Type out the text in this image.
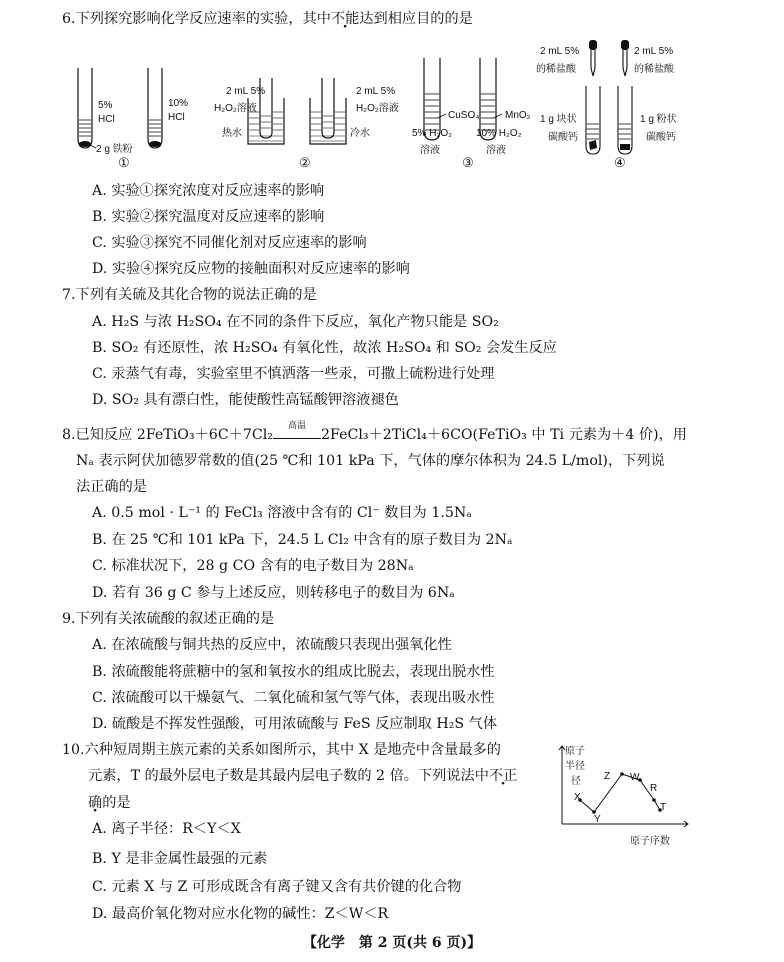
6.下列探究影响化学反应速率的实验，其中不能达到相应目的的是
5%
HCl
10%
HCl
2 g 铁粉
①
2 mL 5%
H₂O₂溶液
2 mL 5%
H₂O₂溶液
热水	冷水
②
CuSO₄	MnO₂
5% H₂O₂
溶液
10% H₂O₂
溶液
③
2 mL 5%
的稀盐酸
2 mL 5%
的稀盐酸
1 g 块状
碳酸钙
1 g 粉状
碳酸钙
④
A. 实验①探究浓度对反应速率的影响
B. 实验②探究温度对反应速率的影响
C. 实验③探究不同催化剂对反应速率的影响
D. 实验④探究反应物的接触面积对反应速率的影响
7.下列有关硫及其化合物的说法正确的是
A. H₂S 与浓 H₂SO₄ 在不同的条件下反应，氧化产物只能是 SO₂
B. SO₂ 有还原性，浓 H₂SO₄ 有氧化性，故浓 H₂SO₄ 和 SO₂ 会发生反应
C. 汞蒸气有毒，实验室里不慎洒落一些汞，可撒上硫粉进行处理
D. SO₂ 具有漂白性，能使酸性高锰酸钾溶液褪色
8.已知反应 2FeTiO₃＋6C＋7Cl₂
高温
2FeCl₃＋2TiCl₄＋6CO(FeTiO₃ 中 Ti 元素为＋4 价)，用
Nₐ 表示阿伏加德罗常数的值(25 ℃和 101 kPa 下，气体的摩尔体积为 24.5 L/mol)，下列说
法正确的是
A. 0.5 mol · L⁻¹ 的 FeCl₃ 溶液中含有的 Cl⁻ 数目为 1.5Nₐ
B. 在 25 ℃和 101 kPa 下，24.5 L Cl₂ 中含有的原子数目为 2Nₐ
C. 标准状况下，28 g CO 含有的电子数目为 28Nₐ
D. 若有 36 g C 参与上述反应，则转移电子的数目为 6Nₐ
9.下列有关浓硫酸的叙述正确的是
A. 在浓硫酸与铜共热的反应中，浓硫酸只表现出强氧化性
B. 浓硫酸能将蔗糖中的氢和氧按水的组成比脱去，表现出脱水性
C. 浓硫酸可以干燥氨气、二氧化硫和氢气等气体，表现出吸水性
D. 硫酸是不挥发性强酸，可用浓硫酸与 FeS 反应制取 H₂S 气体
10.六种短周期主族元素的关系如图所示，其中 X 是地壳中含量最多的
元素，T 的最外层电子数是其最内层电子数的 2 倍。下列说法中不正
确的是
A. 离子半径：R＜Y＜X
B. Y 是非金属性最强的元素
C. 元素 X 与 Z 可形成既含有离子键又含有共价键的化合物
D. 最高价氧化物对应水化物的碱性：Z＜W＜R
原子
半径
径
X
Y
Z W
R
T
原子序数
【化学　第 2 页(共 6 页)】
